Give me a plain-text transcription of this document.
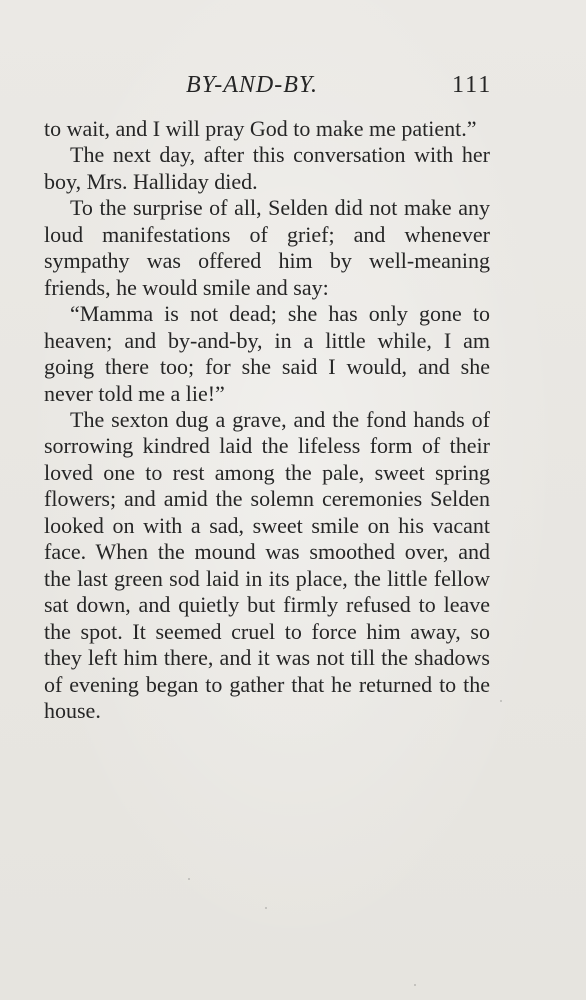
BY-AND-BY.	111

to wait, and I will pray God to make me patient.”

The next day, after this conversation with her boy, Mrs. Halliday died.

To the surprise of all, Selden did not make any loud manifestations of grief; and whenever sympathy was offered him by well-meaning friends, he would smile and say:

“Mamma is not dead; she has only gone to heaven; and by-and-by, in a little while, I am going there too; for she said I would, and she never told me a lie!”

The sexton dug a grave, and the fond hands of sorrowing kindred laid the lifeless form of their loved one to rest among the pale, sweet spring flowers; and amid the solemn ceremonies Selden looked on with a sad, sweet smile on his vacant face. When the mound was smoothed over, and the last green sod laid in its place, the little fellow sat down, and quietly but firmly refused to leave the spot. It seemed cruel to force him away, so they left him there, and it was not till the shadows of evening began to gather that he returned to the house.
